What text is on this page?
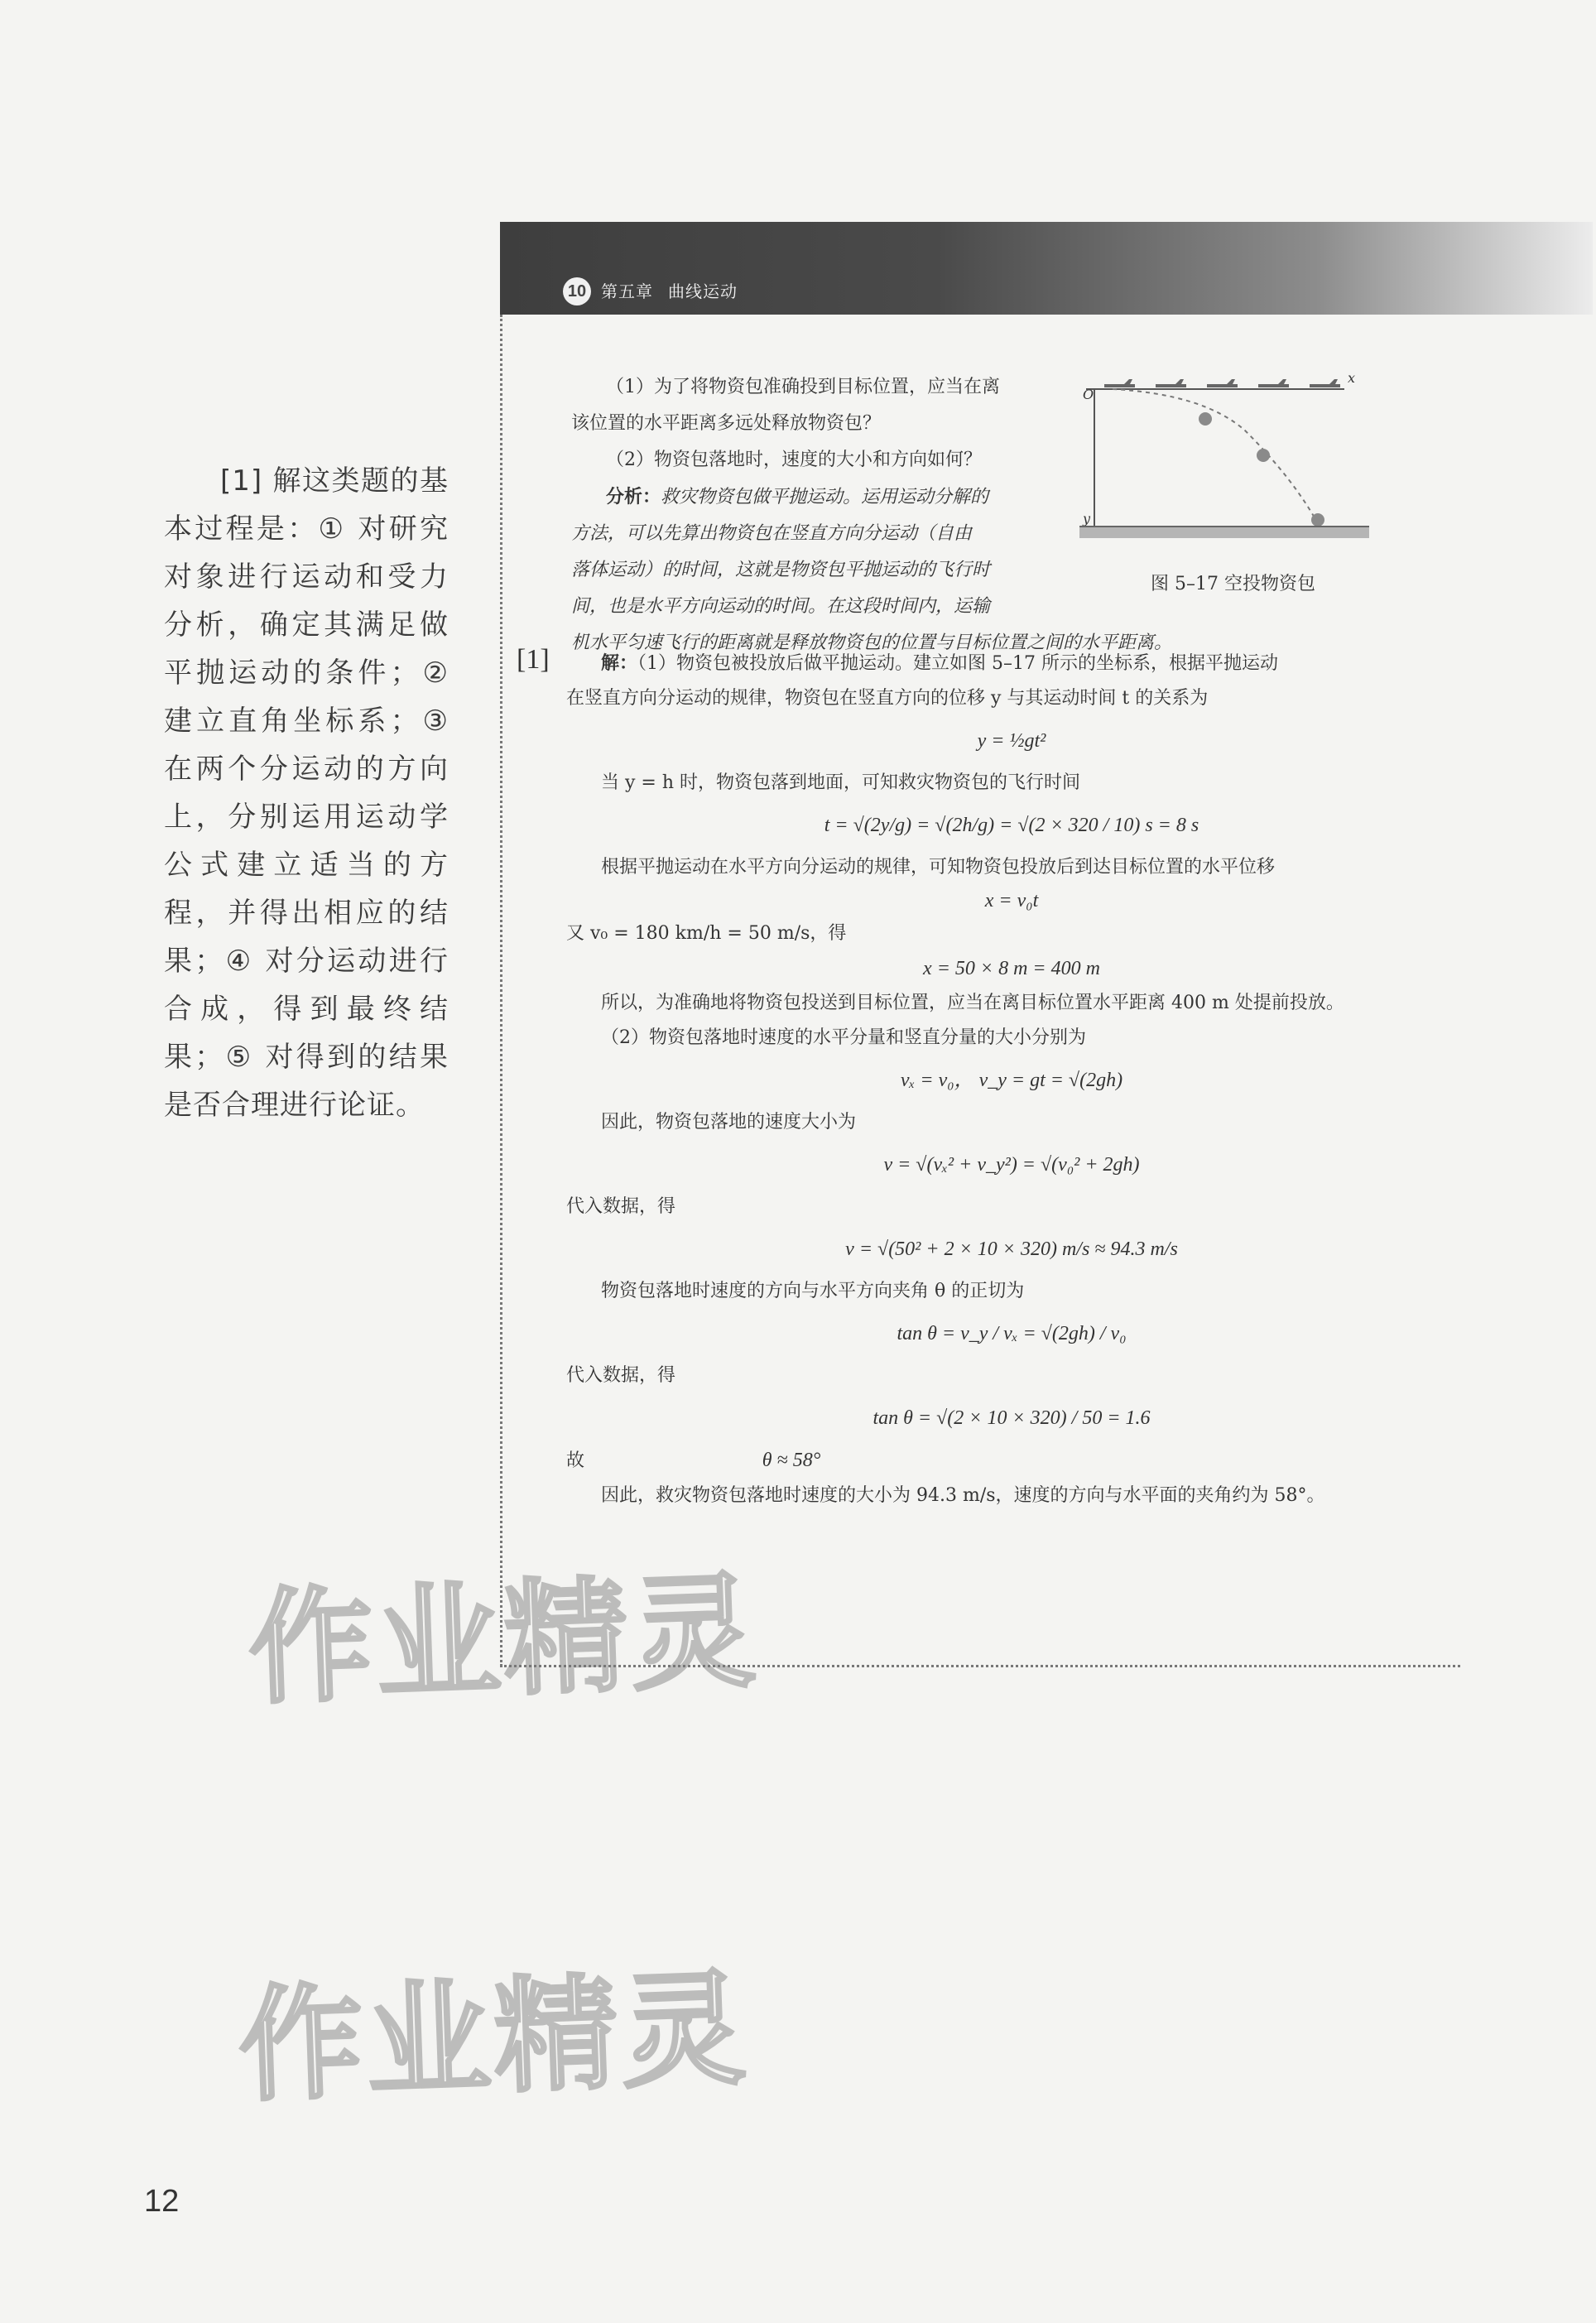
10 第五章 曲线运动
[1] 解这类题的基本过程是：① 对研究对象进行运动和受力分析，确定其满足做平抛运动的条件；② 建立直角坐标系；③ 在两个分运动的方向上，分别运用运动学公式建立适当的方程，并得出相应的结果；④ 对分运动进行合成，得到最终结果；⑤ 对得到的结果是否合理进行论证。

（1）为了将物资包准确投到目标位置，应当在离

该位置的水平距离多远处释放物资包？

（2）物资包落地时，速度的大小和方向如何？

分析：救灾物资包做平抛运动。运用运动分解的

方法，可以先算出物资包在竖直方向分运动（自由

落体运动）的时间，这就是物资包平抛运动的飞行时

间，也是水平方向运动的时间。在这段时间内，运输

机水平匀速飞行的距离就是释放物资包的位置与目标位置之间的水平距离。

O
x
y
图 5–17 空投物资包
[1]	解：（1）物资包被投放后做平抛运动。建立如图 5–17 所示的坐标系，根据平抛运动

在竖直方向分运动的规律，物资包在竖直方向的位移 y 与其运动时间 t 的关系为

y = ½gt²

当 y = h 时，物资包落到地面，可知救灾物资包的飞行时间

t = √(2y/g) = √(2h/g) = √(2 × 320 / 10) s = 8 s

根据平抛运动在水平方向分运动的规律，可知物资包投放后到达目标位置的水平位移

x = v₀t

又 v₀ = 180 km/h = 50 m/s，得

x = 50 × 8 m = 400 m

所以，为准确地将物资包投送到目标位置，应当在离目标位置水平距离 400 m 处提前投放。

（2）物资包落地时速度的水平分量和竖直分量的大小分别为

vₓ = v₀， v_y = gt = √(2gh)

因此，物资包落地的速度大小为

v = √(vₓ² + v_y²) = √(v₀² + 2gh)

代入数据，得

v = √(50² + 2 × 10 × 320) m/s ≈ 94.3 m/s

物资包落地时速度的方向与水平方向夹角 θ 的正切为

tan θ = v_y / vₓ = √(2gh) / v₀

代入数据，得

tan θ = √(2 × 10 × 320) / 50 = 1.6

故	θ ≈ 58°

因此，救灾物资包落地时速度的大小为 94.3 m/s，速度的方向与水平面的夹角约为 58°。

作业精灵
作业精灵
12
